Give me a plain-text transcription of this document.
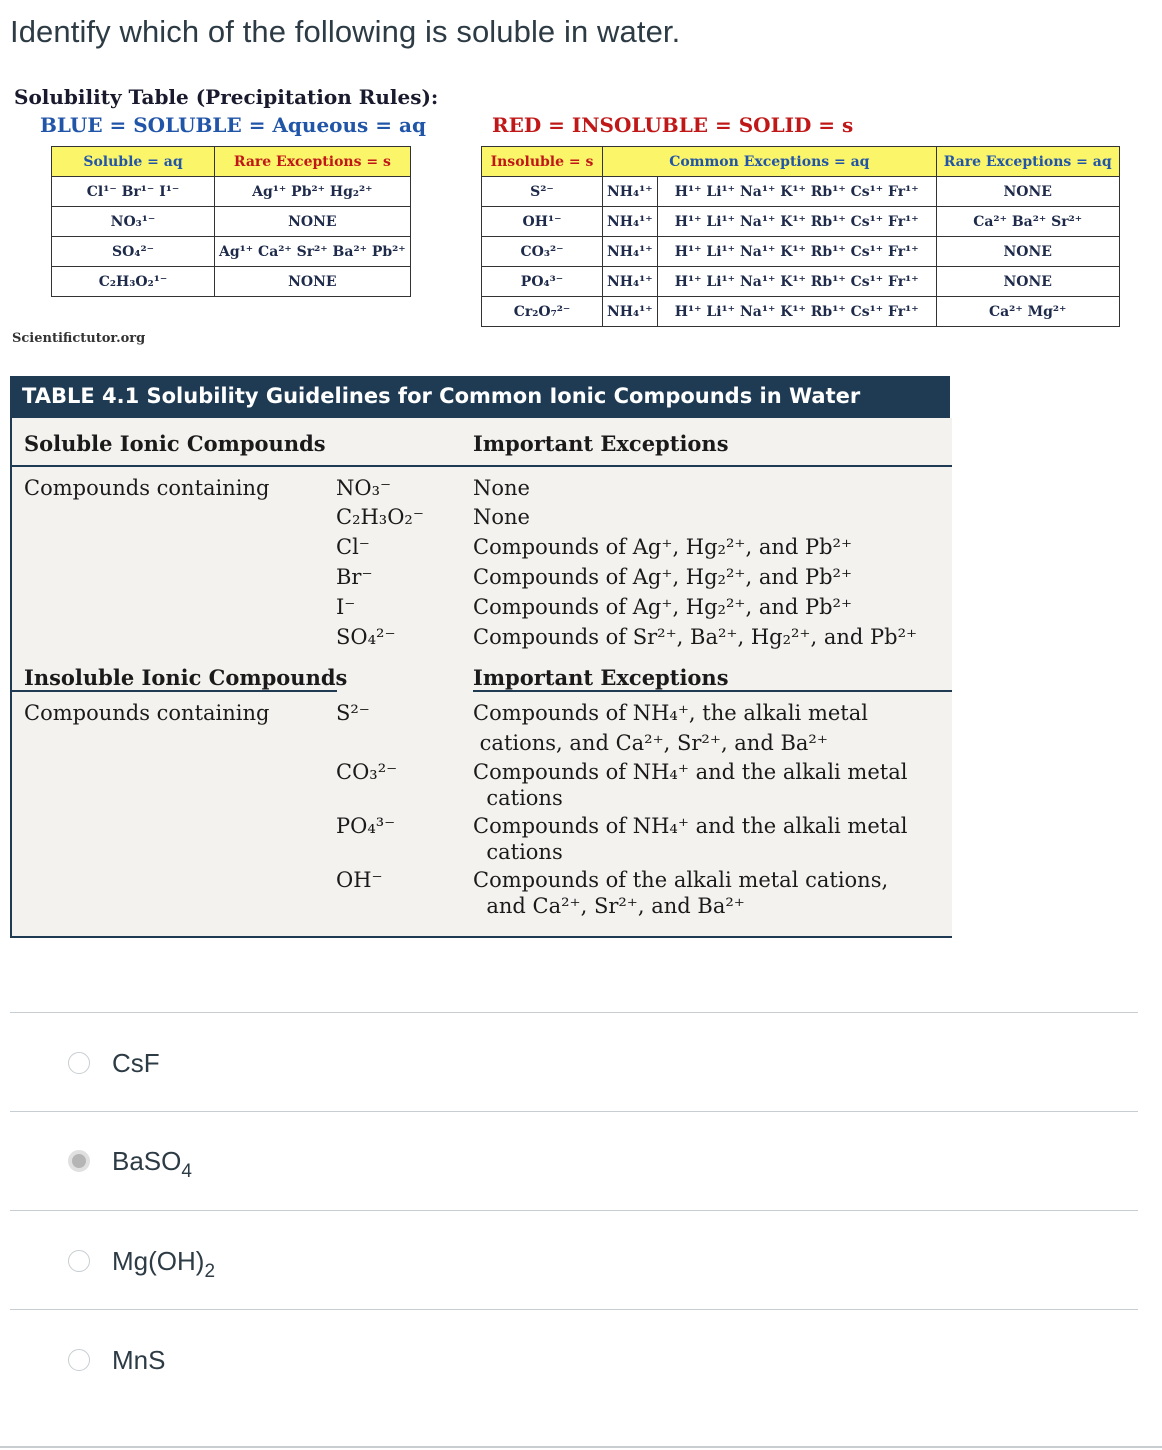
Identify which of the following is soluble in water.
Solubility Table (Precipitation Rules):
BLUE = SOLUBLE = Aqueous = aq	RED = INSOLUBLE = SOLID = s
Soluble = aq	Rare Exceptions = s
Cl¹⁻ Br¹⁻ I¹⁻	Ag¹⁺ Pb²⁺ Hg₂²⁺
NO₃¹⁻	NONE
SO₄²⁻	Ag¹⁺ Ca²⁺ Sr²⁺ Ba²⁺ Pb²⁺
C₂H₃O₂¹⁻	NONE
Insoluble = s	Common Exceptions = aq		Rare Exceptions = aq
S²⁻	NH₄¹⁺	H¹⁺ Li¹⁺ Na¹⁺ K¹⁺ Rb¹⁺ Cs¹⁺ Fr¹⁺	NONE
OH¹⁻	NH₄¹⁺	H¹⁺ Li¹⁺ Na¹⁺ K¹⁺ Rb¹⁺ Cs¹⁺ Fr¹⁺	Ca²⁺ Ba²⁺ Sr²⁺
CO₃²⁻	NH₄¹⁺	H¹⁺ Li¹⁺ Na¹⁺ K¹⁺ Rb¹⁺ Cs¹⁺ Fr¹⁺	NONE
PO₄³⁻	NH₄¹⁺	H¹⁺ Li¹⁺ Na¹⁺ K¹⁺ Rb¹⁺ Cs¹⁺ Fr¹⁺	NONE
Cr₂O₇²⁻	NH₄¹⁺	H¹⁺ Li¹⁺ Na¹⁺ K¹⁺ Rb¹⁺ Cs¹⁺ Fr¹⁺	Ca²⁺ Mg²⁺
Scientifictutor.org
TABLE 4.1 Solubility Guidelines for Common Ionic Compounds in Water
Soluble Ionic Compounds	Important Exceptions
Compounds containing	NO₃⁻	None
C₂H₃O₂⁻ None
Cl⁻	Compounds of Ag⁺, Hg₂²⁺, and Pb²⁺
Br⁻	Compounds of Ag⁺, Hg₂²⁺, and Pb²⁺
I⁻	Compounds of Ag⁺, Hg₂²⁺, and Pb²⁺
SO₄²⁻	Compounds of Sr²⁺, Ba²⁺, Hg₂²⁺, and Pb²⁺
Insoluble Ionic Compounds	Important Exceptions
Compounds containing	S²⁻	Compounds of NH₄⁺, the alkali metal
cations, and Ca²⁺, Sr²⁺, and Ba²⁺
CO₃²⁻	Compounds of NH₄⁺ and the alkali metal
cations
PO₄³⁻	Compounds of NH₄⁺ and the alkali metal
cations
OH⁻	Compounds of the alkali metal cations,
and Ca²⁺, Sr²⁺, and Ba²⁺
CsF
BaSO$_4$
$Mg(OH)_2$
MnS
